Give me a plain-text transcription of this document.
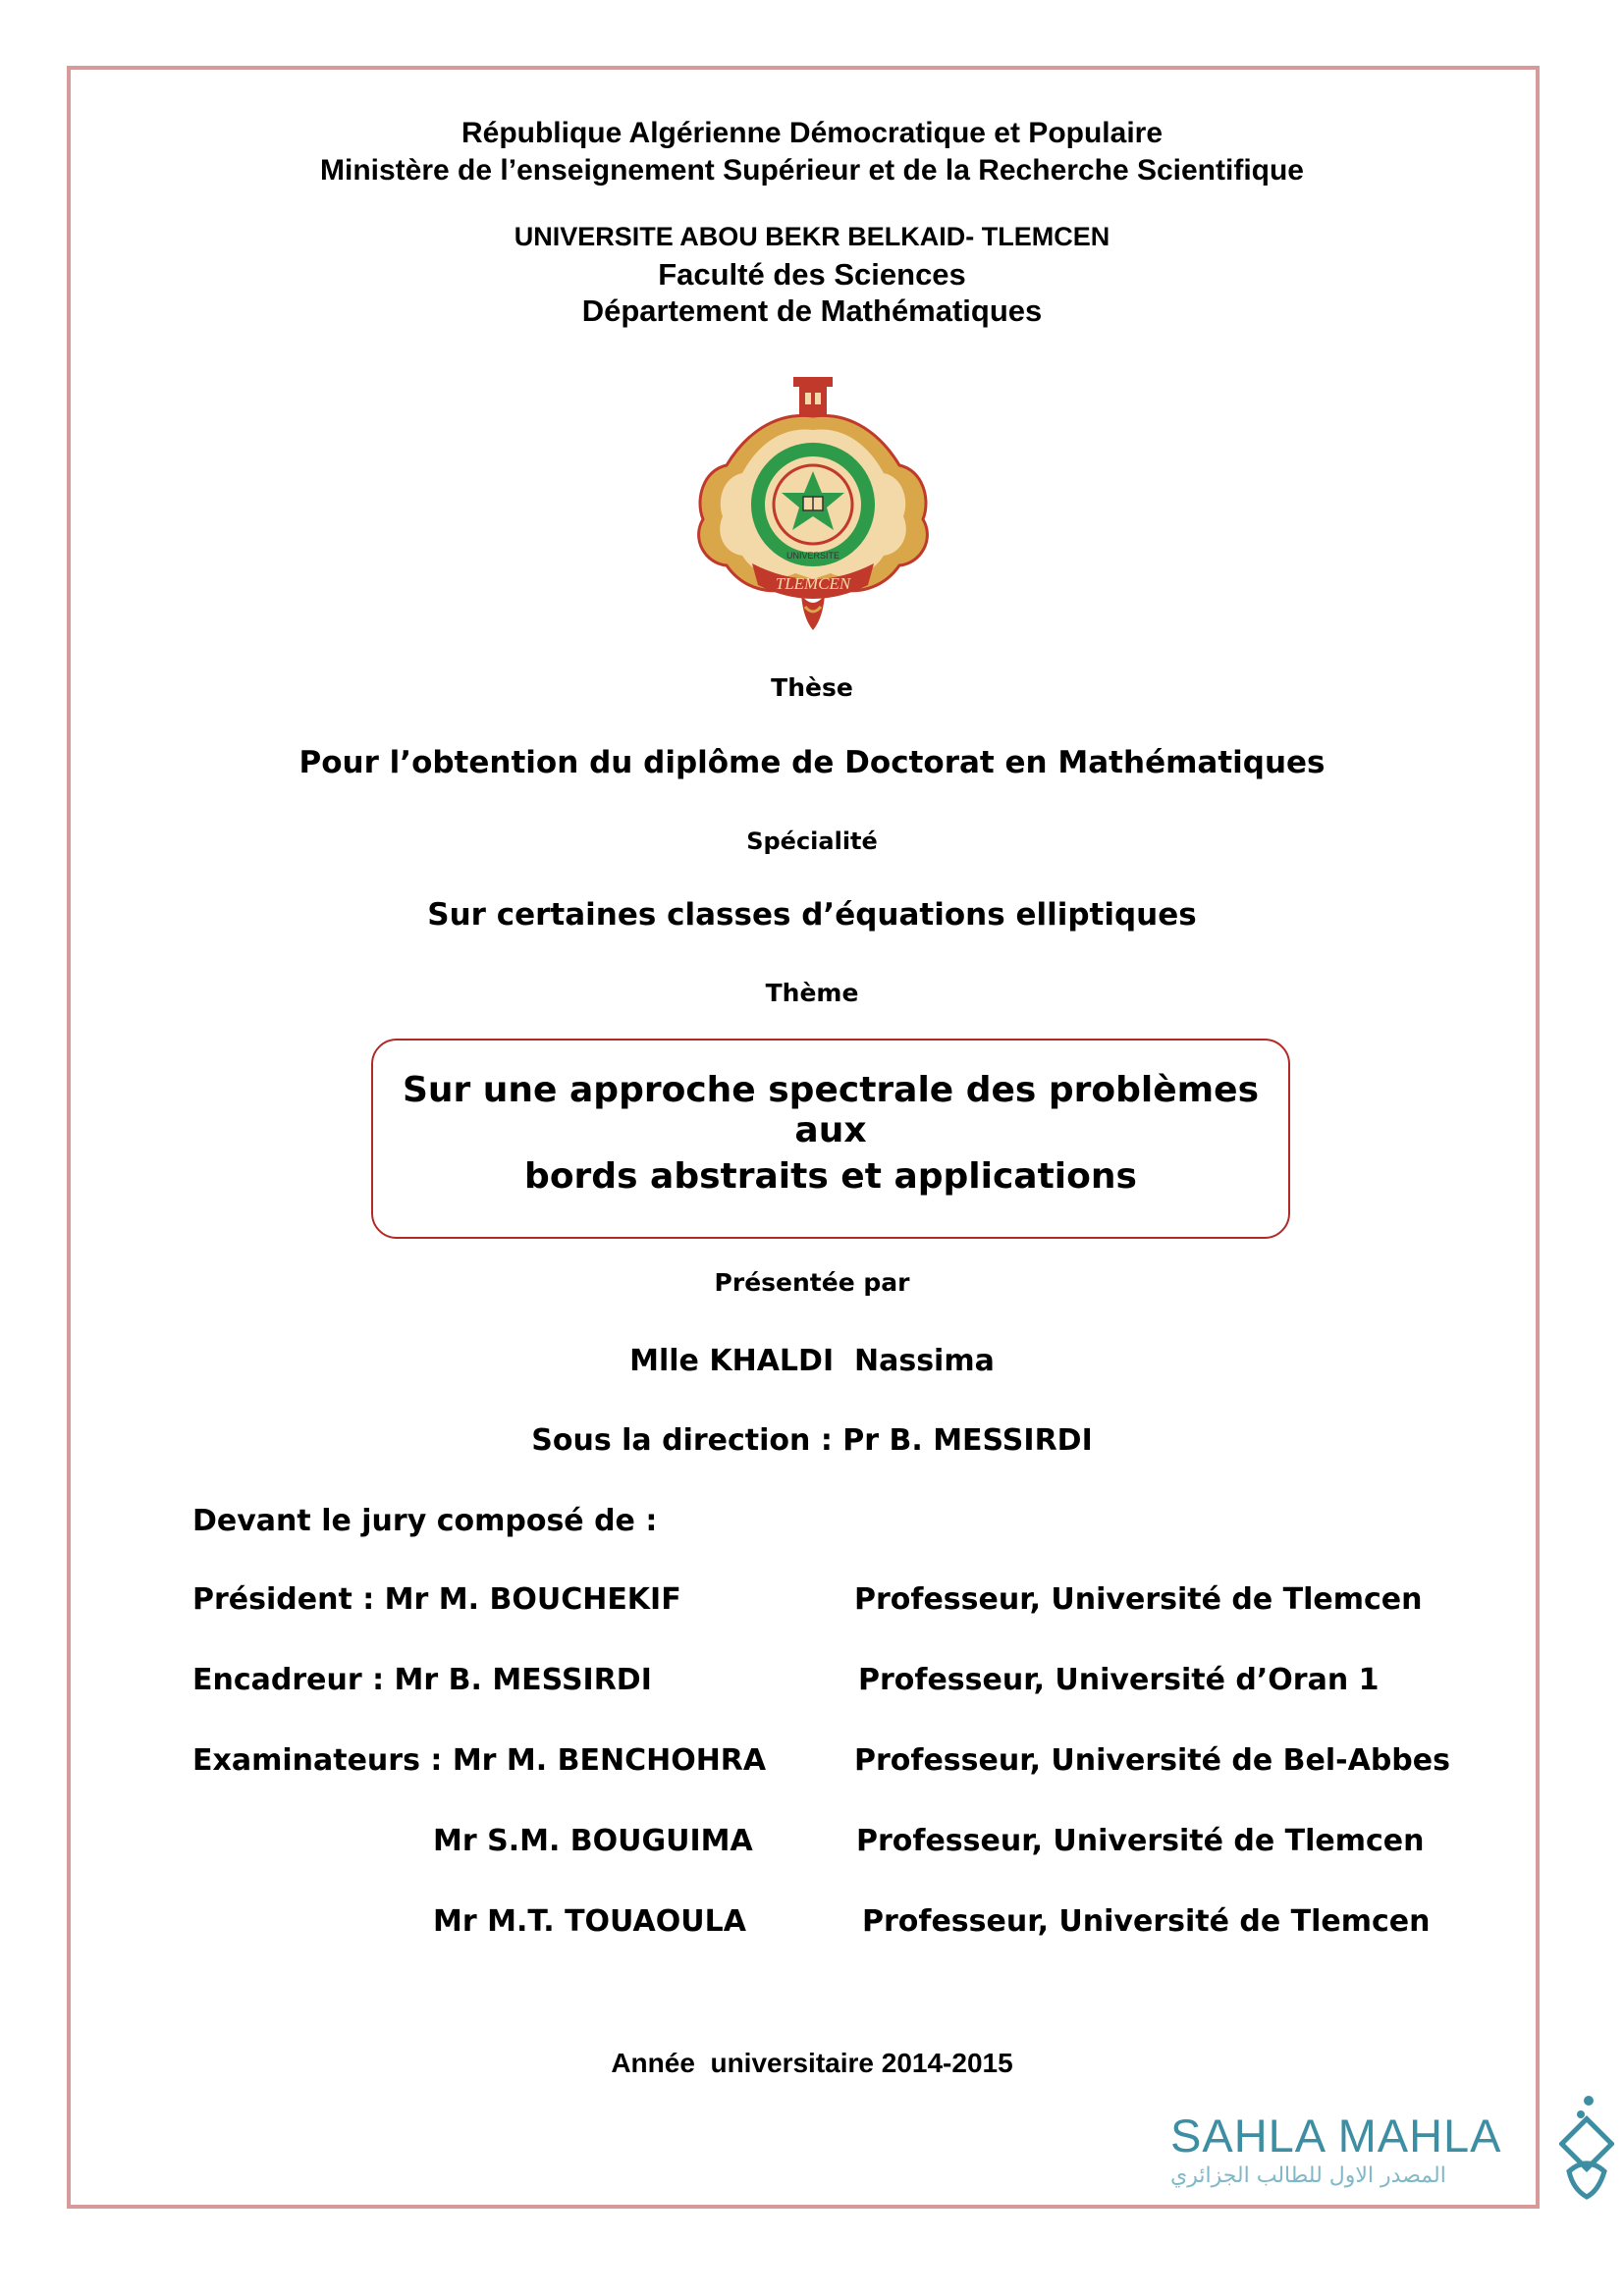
République Algérienne Démocratique et Populaire
Ministère de l’enseignement Supérieur et de la Recherche Scientifique
UNIVERSITE ABOU BEKR BELKAID- TLEMCEN
Faculté des Sciences
Département de Mathématiques
UNIVERSITE
TLEMCEN
Thèse
Pour l’obtention du diplôme de Doctorat en Mathématiques
Spécialité
Sur certaines classes d’équations elliptiques
Thème
Sur une approche spectrale des problèmes aux
bords abstraits et applications
Présentée par
Mlle KHALDI  Nassima
Sous la direction : Pr B. MESSIRDI
Devant le jury composé de :
Président : Mr M. BOUCHEKIF	Professeur, Université de Tlemcen
Encadreur : Mr B. MESSIRDI	Professeur, Université d’Oran 1
Examinateurs : Mr M. BENCHOHRA	Professeur, Université de Bel-Abbes
Mr S.M. BOUGUIMA	Professeur, Université de Tlemcen
Mr M.T. TOUAOULA	Professeur, Université de Tlemcen
Année  universitaire 2014-2015
SAHLA MAHLA
المصدر الاول للطالب الجزائري
